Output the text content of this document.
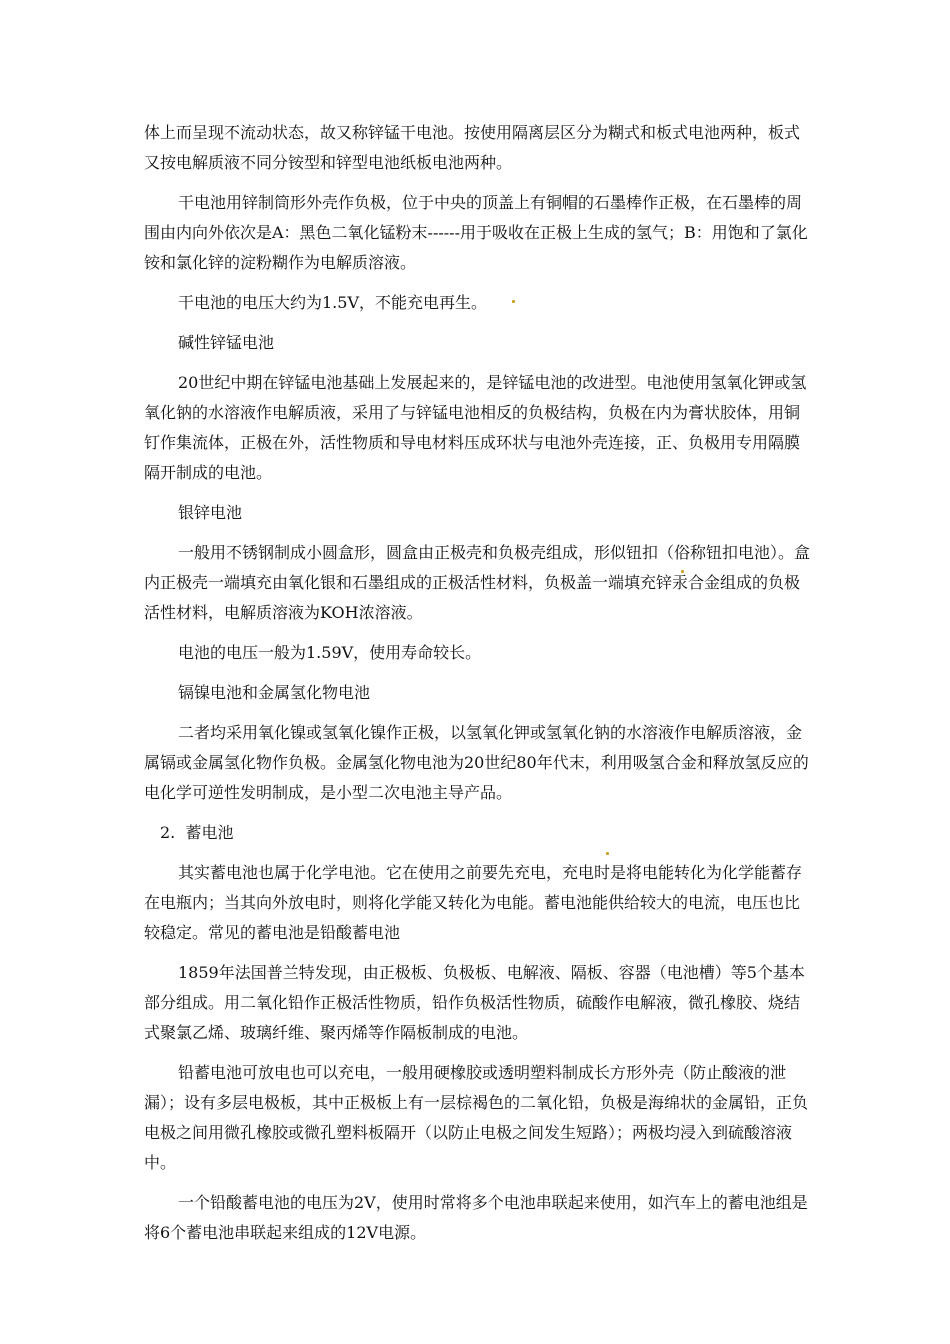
体上而呈现不流动状态，故又称锌锰干电池。按使用隔离层区分为糊式和板式电池两种，板式又按电解质液不同分铵型和锌型电池纸板电池两种。

干电池用锌制筒形外壳作负极，位于中央的顶盖上有铜帽的石墨棒作正极，在石墨棒的周围由内向外依次是A：黑色二氧化锰粉末------用于吸收在正极上生成的氢气；B：用饱和了氯化铵和氯化锌的淀粉糊作为电解质溶液。

干电池的电压大约为1.5V，不能充电再生。

碱性锌锰电池

20世纪中期在锌锰电池基础上发展起来的，是锌锰电池的改进型。电池使用氢氧化钾或氢氧化钠的水溶液作电解质液，采用了与锌锰电池相反的负极结构，负极在内为膏状胶体，用铜钉作集流体，正极在外，活性物质和导电材料压成环状与电池外壳连接，正、负极用专用隔膜隔开制成的电池。

银锌电池

一般用不锈钢制成小圆盒形，圆盒由正极壳和负极壳组成，形似钮扣（俗称钮扣电池）。盒内正极壳一端填充由氧化银和石墨组成的正极活性材料，负极盖一端填充锌汞合金组成的负极活性材料，电解质溶液为KOH浓溶液。

电池的电压一般为1.59V，使用寿命较长。

镉镍电池和金属氢化物电池

二者均采用氧化镍或氢氧化镍作正极，以氢氧化钾或氢氧化钠的水溶液作电解质溶液，金属镉或金属氢化物作负极。金属氢化物电池为20世纪80年代末，利用吸氢合金和释放氢反应的电化学可逆性发明制成，是小型二次电池主导产品。

2.  蓄电池

其实蓄电池也属于化学电池。它在使用之前要先充电，充电时是将电能转化为化学能蓄存在电瓶内；当其向外放电时，则将化学能又转化为电能。蓄电池能供给较大的电流，电压也比较稳定。常见的蓄电池是铅酸蓄电池

1859年法国普兰特发现，由正极板、负极板、电解液、隔板、容器（电池槽）等5个基本部分组成。用二氧化铅作正极活性物质，铅作负极活性物质，硫酸作电解液，微孔橡胶、烧结式聚氯乙烯、玻璃纤维、聚丙烯等作隔板制成的电池。

铅蓄电池可放电也可以充电，一般用硬橡胶或透明塑料制成长方形外壳（防止酸液的泄漏）；设有多层电极板，其中正极板上有一层棕褐色的二氧化铅，负极是海绵状的金属铅，正负电极之间用微孔橡胶或微孔塑料板隔开（以防止电极之间发生短路）；两极均浸入到硫酸溶液中。

一个铅酸蓄电池的电压为2V，使用时常将多个电池串联起来使用，如汽车上的蓄电池组是将6个蓄电池串联起来组成的12V电源。
